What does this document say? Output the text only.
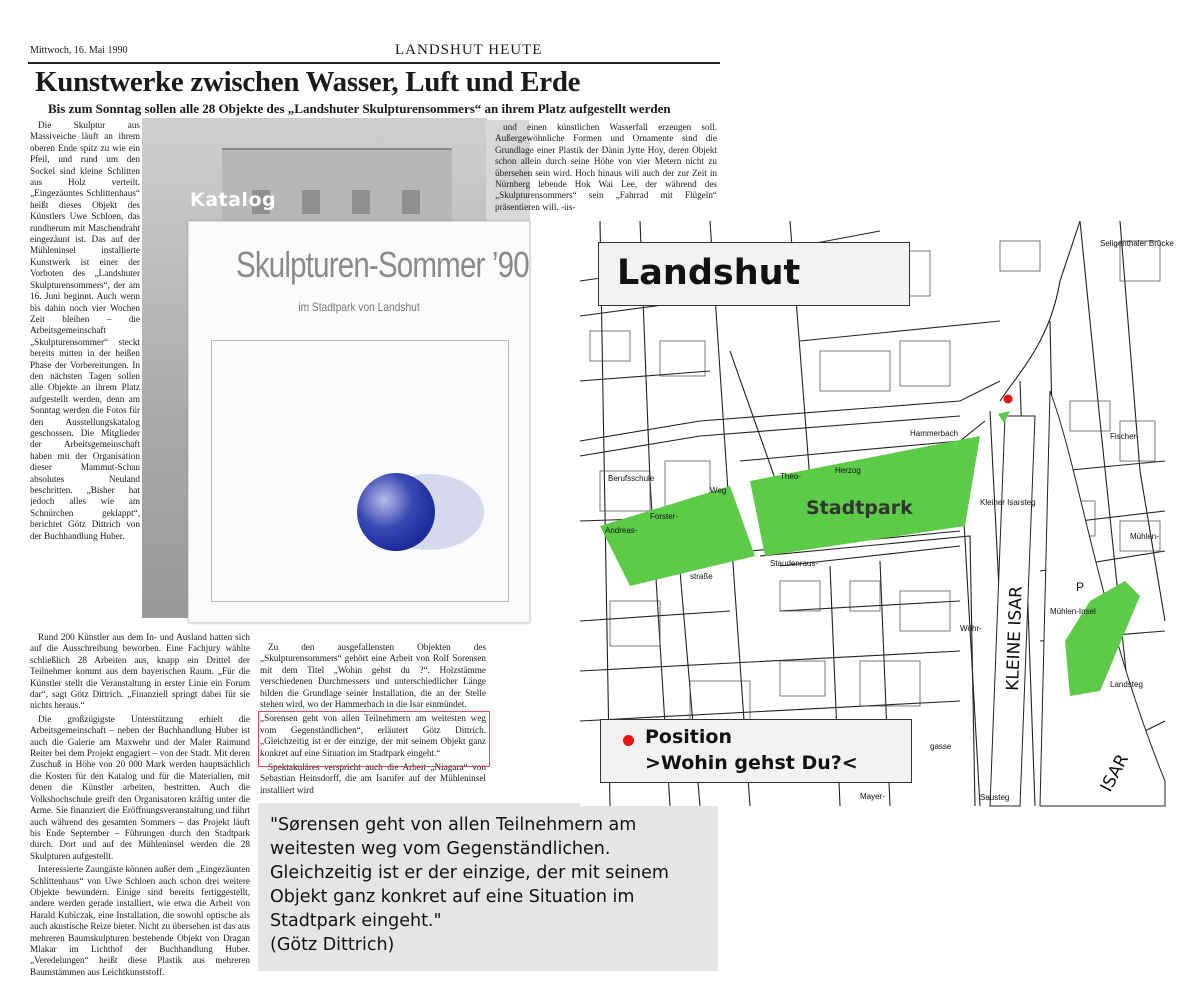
Mittwoch, 16. Mai 1990	LANDSHUT HEUTE
Kunstwerke zwischen Wasser, Luft und Erde
Bis zum Sonntag sollen alle 28 Objekte des „Landshuter Skulpturensommers“ an ihrem Platz aufgestellt werden

Die Skulptur aus Massiveiche läuft an ihrem oberen Ende spitz zu wie ein Pfeil, und rund um den Sockel sind kleine Schlitten aus Holz verteilt. „Eingezäuntes Schlittenhaus“ heißt dieses Objekt des Künstlers Uwe Schloen, das rundherum mit Maschendraht eingezäunt ist. Das auf der Mühleninsel installierte Kunstwerk ist einer der Vorboten des „Landshuter Skulpturensommers“, der am 16. Juni beginnt. Auch wenn bis dahin noch vier Wochen Zeit bleiben – die Arbeitsgemeinschaft „Skulpturensommer“ steckt bereits mitten in der heißen Phase der Vorbereitungen. In den nächsten Tagen sollen alle Objekte an ihrem Platz aufgestellt werden, denn am Sonntag werden die Fotos für den Ausstellungskatalog geschossen. Die Mitglieder der Arbeitsgemeinschaft haben mit der Organisation dieser Mammut-Schau absolutes Neuland beschritten. „Bisher hat jedoch alles wie am Schnürchen geklappt“, berichtet Götz Dittrich von der Buchhandlung Huber.

und einen künstlichen Wasserfall erzeugen soll. Außergewöhnliche Formen und Ornamente sind die Grundlage einer Plastik der Dänin Jytte Hoy, deren Objekt schon allein durch seine Höhe von vier Metern nicht zu übersehen sein wird. Hoch hinaus will auch der zur Zeit in Nürnberg lebende Hok Wai Lee, der während des „Skulpturensommers“ sein „Fahrrad mit Flügeln“ präsentieren will. -üs-

Rund 200 Künstler aus dem In- und Ausland hatten sich auf die Ausschreibung beworben. Eine Fachjury wählte schließlich 28 Arbeiten aus, knapp ein Drittel der Teilnehmer kommt aus dem bayerischen Raum. „Für die Künstler stellt die Veranstaltung in erster Linie ein Forum dar“, sagt Götz Dittrich. „Finanziell springt dabei für sie nichts heraus.“

Die großzügigste Unterstützung erhielt die Arbeitsgemeinschaft – neben der Buchhandlung Huber ist auch die Galerie am Maxwehr und der Maler Raimund Reiter bei dem Projekt engagiert – von der Stadt. Mit deren Zuschuß in Höhe von 20 000 Mark werden hauptsächlich die Kosten für den Katalog und für die Materialien, mit denen die Künstler arbeiten, bestritten. Auch die Volkshochschule greift den Organisatoren kräftig unter die Arme. Sie finanziert die Eröffnungsveranstaltung und führt auch während des gesamten Sommers – das Projekt läuft bis Ende September – Führungen durch den Stadtpark durch. Dort und auf der Mühleninsel werden die 28 Skulpturen aufgestellt.

Interessierte Zaungäste können außer dem „Eingezäunten Schlittenhaus“ von Uwe Schloen auch schon drei weitere Objekte bewundern. Einige sind bereits fertiggestellt, andere werden gerade installiert, wie etwa die Arbeit von Harald Kubiczak, eine Installation, die sowohl optische als auch akustische Reize bietet. Nicht zu übersehen ist das aus mehreren Baumskulpturen bestehende Objekt von Dragan Mlakar im Lichthof der Buchhandlung Huber. „Veredelungen“ heißt diese Plastik aus mehreren Baumstämmen aus Leichtkunststoff.

Zu den ausgefallensten Objekten des „Skulpturensommers“ gehört eine Arbeit von Rolf Sorensen mit dem Titel „Wohin gehst du ?“. Holzstämme verschiedenen Durchmessers und unterschiedlicher Länge bilden die Grundlage seiner Installation, die an der Stelle stehen wird, wo der Hammerbach in die Isar einmündet.

„Sorensen geht von allen Teilnehmern am weitesten weg vom Gegenständlichen“, erläutert Götz Dittrich. „Gleichzeitig ist er der einzige, der mit seinem Objekt ganz konkret auf eine Situation im Stadtpark eingeht.“

Spektakuläres verspricht auch die Arbeit „Niagara“ von Sebastian Heinsdorff, die am Isarufer auf der Mühleninsel installiert wird

Skulpturen-Sommer ’90
im Stadtpark von Landshut
Katalog
"Sørensen geht von allen Teilnehmern am weitesten weg vom Gegenständlichen. Gleichzeitig ist er der einzige, der mit seinem Objekt ganz konkret auf eine Situation im Stadtpark eingeht."
(Götz Dittrich)
Berufsschule
Hammerbach
Herzog
Theo-
Weg
Forster-
Andreas-
straße
Staudenraus-
Kleiner Isarsteg
Mühlen-Insel
Landsteg
Sausteg
Seligenthaler Brücke
Fischer-
Mühlen-
P
Wöhr-
gasse
Mayer-
KLEINE ISAR
ISAR
Stadtpark
Landshut
Position
>Wohin gehst Du?<
